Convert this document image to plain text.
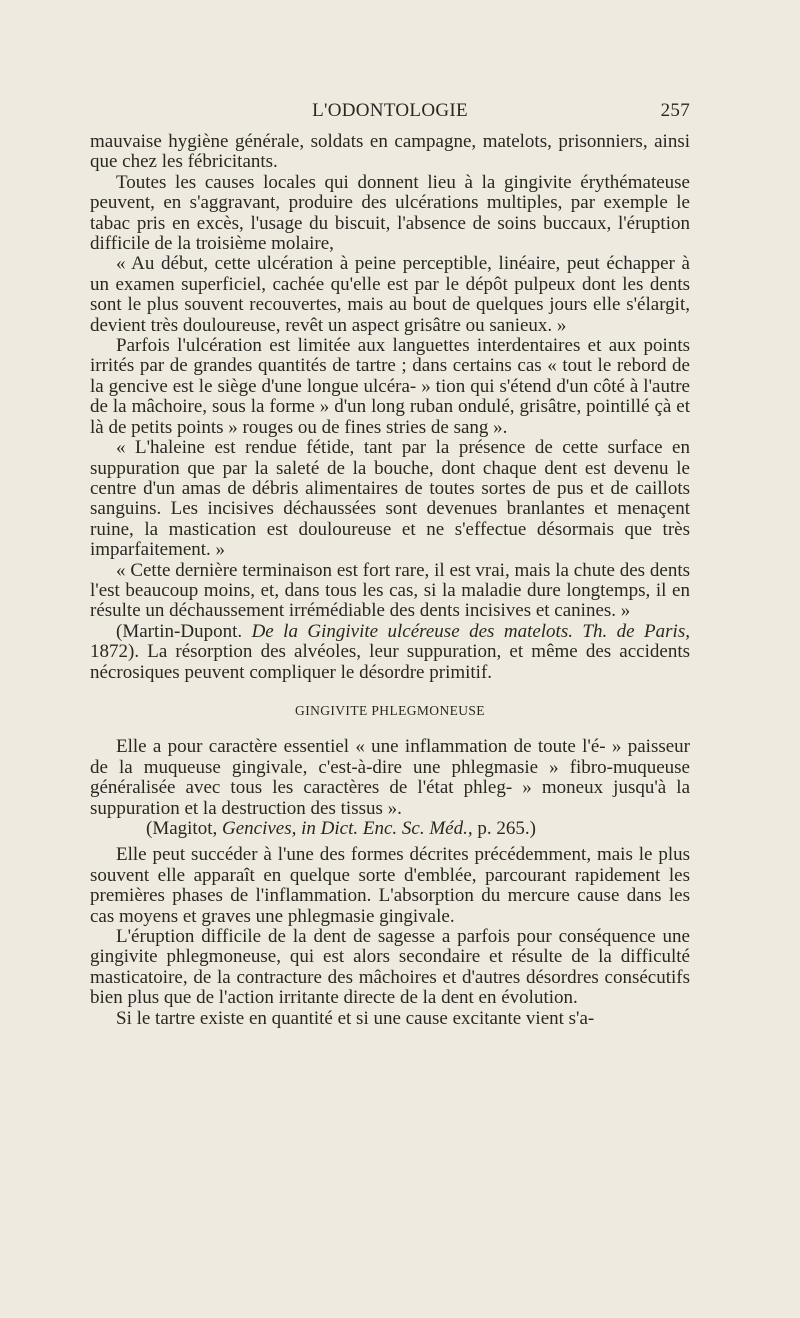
L'ODONTOLOGIE	257

mauvaise hygiène générale, soldats en campagne, matelots, prisonniers, ainsi que chez les fébricitants.

Toutes les causes locales qui donnent lieu à la gingivite érythémateuse peuvent, en s'aggravant, produire des ulcérations multiples, par exemple le tabac pris en excès, l'usage du biscuit, l'absence de soins buccaux, l'éruption difficile de la troisième molaire,

« Au début, cette ulcération à peine perceptible, linéaire, peut échapper à un examen superficiel, cachée qu'elle est par le dépôt pulpeux dont les dents sont le plus souvent recouvertes, mais au bout de quelques jours elle s'élargit, devient très douloureuse, revêt un aspect grisâtre ou sanieux. »

Parfois l'ulcération est limitée aux languettes interdentaires et aux points irrités par de grandes quantités de tartre ; dans certains cas « tout le rebord de la gencive est le siège d'une longue ulcéra- » tion qui s'étend d'un côté à l'autre de la mâchoire, sous la forme » d'un long ruban ondulé, grisâtre, pointillé çà et là de petits points » rouges ou de fines stries de sang ».

« L'haleine est rendue fétide, tant par la présence de cette surface en suppuration que par la saleté de la bouche, dont chaque dent est devenu le centre d'un amas de débris alimentaires de toutes sortes de pus et de caillots sanguins. Les incisives déchaussées sont devenues branlantes et menaçent ruine, la mastication est douloureuse et ne s'effectue désormais que très imparfaitement. »

« Cette dernière terminaison est fort rare, il est vrai, mais la chute des dents l'est beaucoup moins, et, dans tous les cas, si la maladie dure longtemps, il en résulte un déchaussement irrémédiable des dents incisives et canines. »

(Martin-Dupont. De la Gingivite ulcéreuse des matelots. Th. de Paris, 1872). La résorption des alvéoles, leur suppuration, et même des accidents nécrosiques peuvent compliquer le désordre primitif.

GINGIVITE PHLEGMONEUSE

Elle a pour caractère essentiel « une inflammation de toute l'é- » paisseur de la muqueuse gingivale, c'est-à-dire une phlegmasie » fibro-muqueuse généralisée avec tous les caractères de l'état phleg- » moneux jusqu'à la suppuration et la destruction des tissus ».

(Magitot, Gencives, in Dict. Enc. Sc. Méd., p. 265.)

Elle peut succéder à l'une des formes décrites précédemment, mais le plus souvent elle apparaît en quelque sorte d'emblée, parcourant rapidement les premières phases de l'inflammation. L'absorption du mercure cause dans les cas moyens et graves une phlegmasie gingivale.

L'éruption difficile de la dent de sagesse a parfois pour conséquence une gingivite phlegmoneuse, qui est alors secondaire et résulte de la difficulté masticatoire, de la contracture des mâchoires et d'autres désordres consécutifs bien plus que de l'action irritante directe de la dent en évolution.

Si le tartre existe en quantité et si une cause excitante vient s'a-
